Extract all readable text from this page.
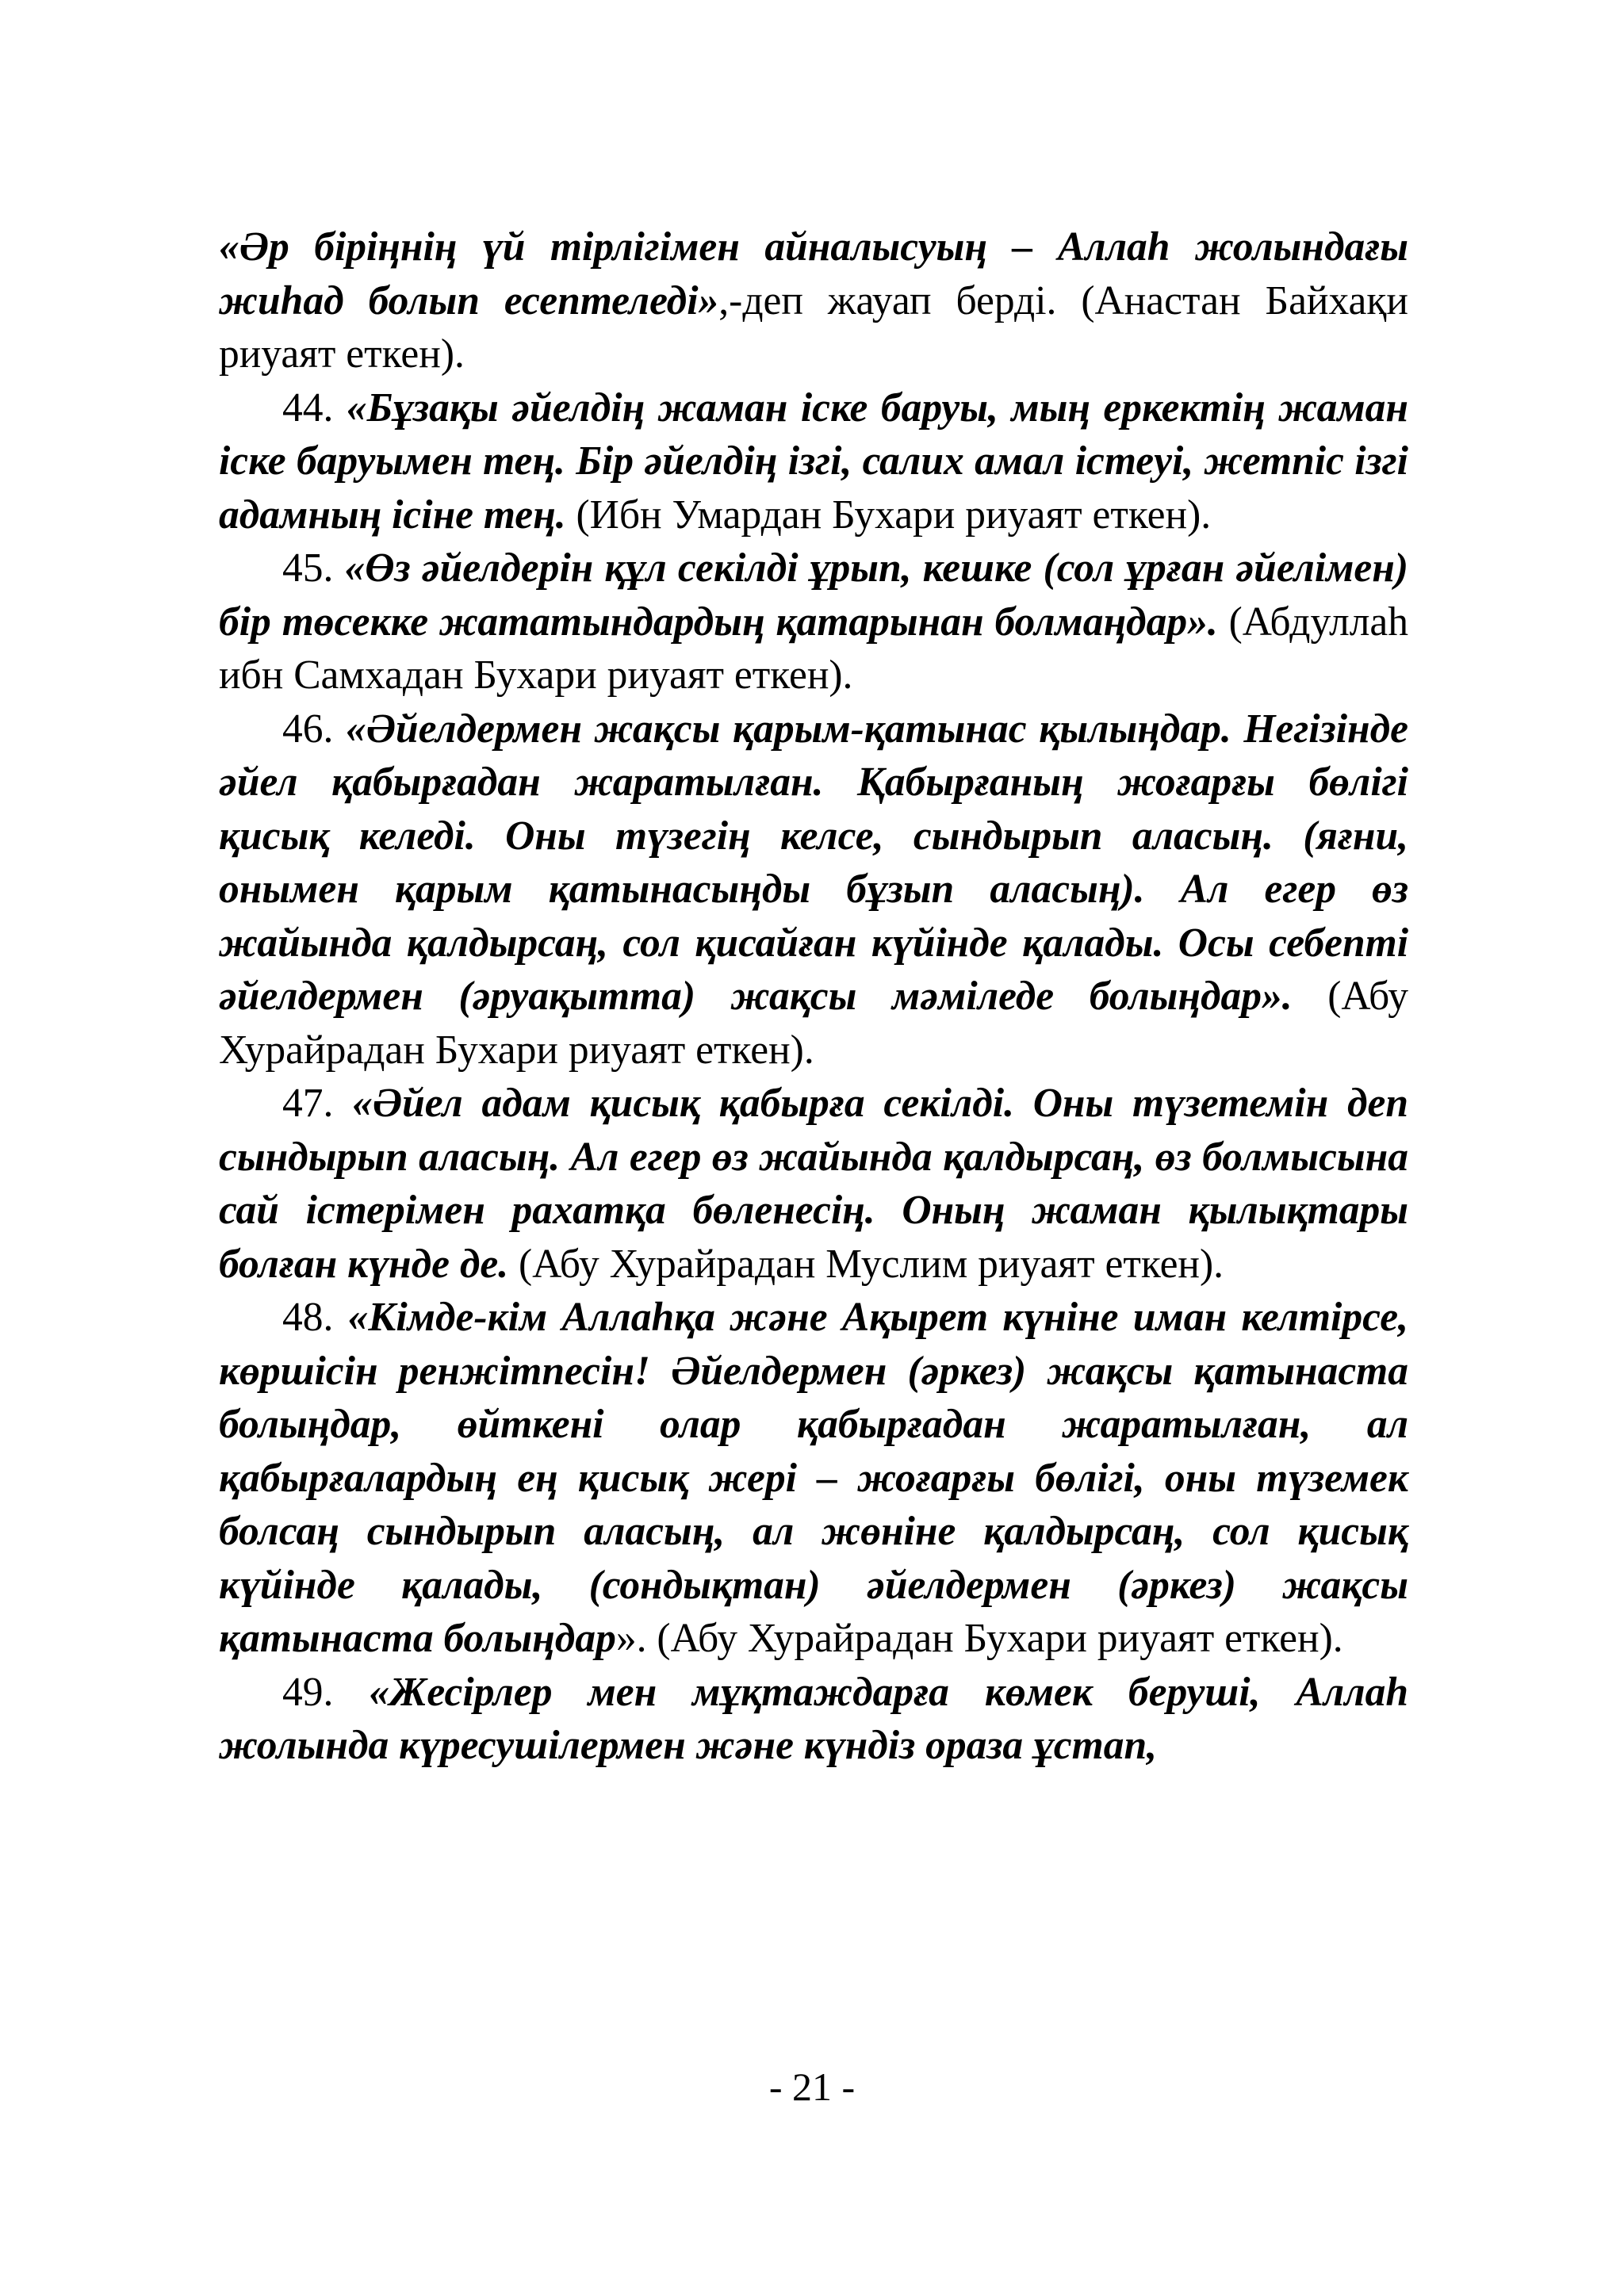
«Әр біріңнің үй тірлігімен айналысуың – Аллаһ жолындағы жиһад болып есептеледі»,-деп жауап берді. (Анастан Байхақи риуаят еткен).

44. «Бұзақы әйелдің жаман іске баруы, мың еркектің жаман іске баруымен тең. Бір әйелдің ізгі, салих амал істеуі, жетпіс ізгі адамның ісіне тең. (Ибн Умардан Бухари риуаят еткен).

45. «Өз әйелдерін құл секілді ұрып, кешке (сол ұрған әйелімен) бір төсекке жататындардың қатарынан болмаңдар». (Абдуллаһ ибн Самхадан Бухари риуаят еткен).

46. «Әйелдермен жақсы қарым-қатынас қылыңдар. Негізінде әйел қабырғадан жаратылған. Қабырғаның жоғарғы бөлігі қисық келеді. Оны түзегің келсе, сындырып аласың. (яғни, онымен қарым қатынасыңды бұзып аласың). Ал егер өз жайында қалдырсаң, сол қисайған күйінде қалады. Осы себепті әйелдермен (әруақытта) жақсы мәміледе болыңдар». (Абу Хурайрадан Бухари риуаят еткен).

47. «Әйел адам қисық қабырға секілді. Оны түзетемін деп сындырып аласың. Ал егер өз жайында қалдырсаң, өз болмысына сай істерімен рахатқа бөленесің. Оның жаман қылықтары болған күнде де. (Абу Хурайрадан Муслим риуаят еткен).

48. «Кімде-кім Аллаһқа және Ақырет күніне иман келтірсе, көршісін ренжітпесін! Әйелдермен (әркез) жақсы қатынаста болыңдар, өйткені олар қабырғадан жаратылған, ал қабырғалардың ең қисық жері – жоғарғы бөлігі, оны түземек болсаң сындырып аласың, ал жөніне қалдырсаң, сол қисық күйінде қалады, (сондықтан) әйелдермен (әркез) жақсы қатынаста болыңдар». (Абу Хурайрадан Бухари риуаят еткен).

49. «Жесірлер мен мұқтаждарға көмек беруші, Аллаһ жолында күресушілермен және күндіз ораза ұстап,

- 21 -
